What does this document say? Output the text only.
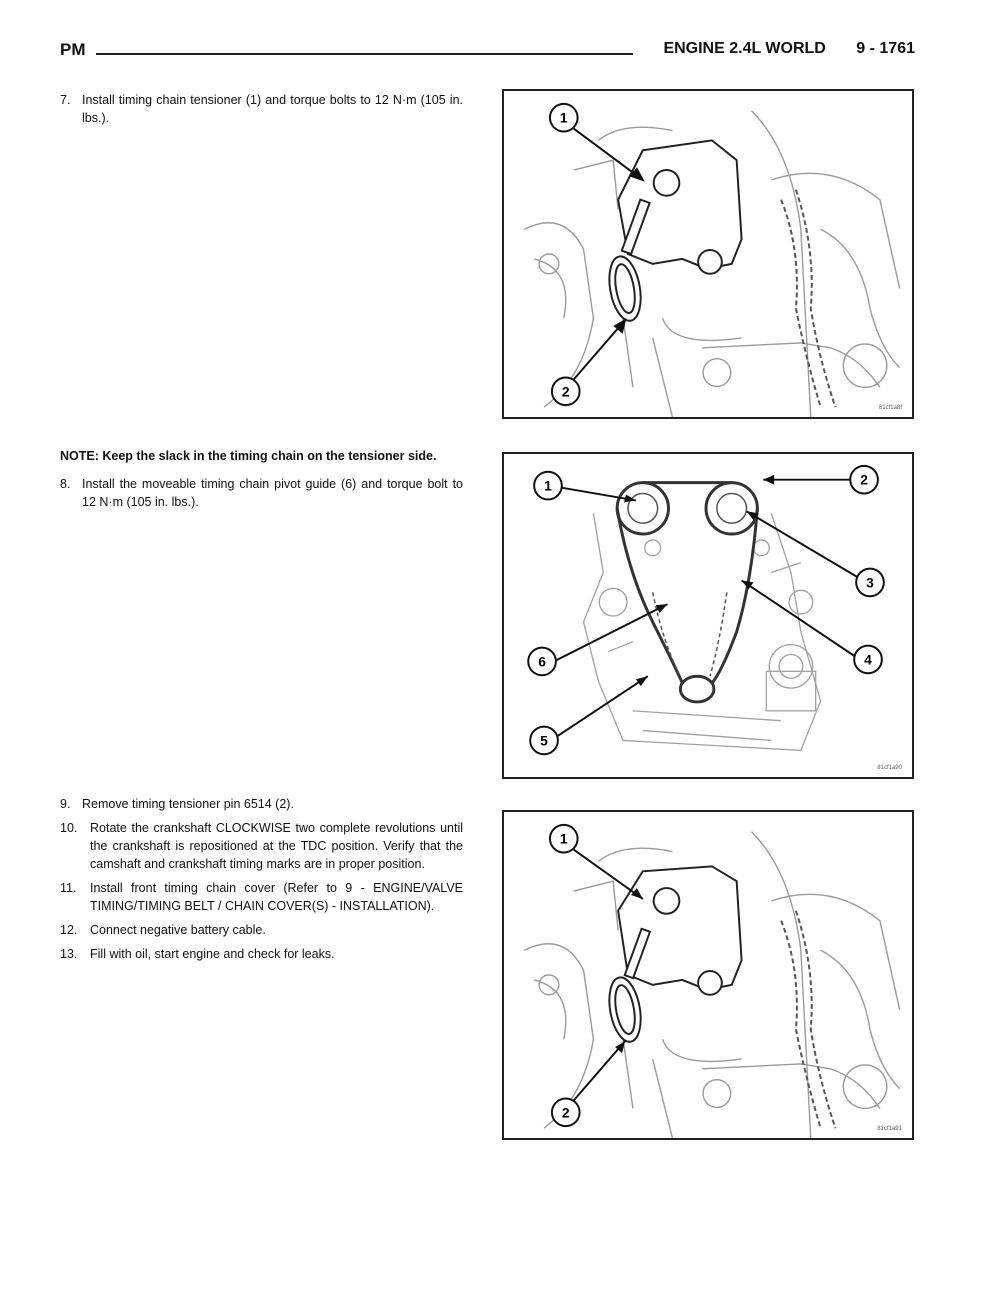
PM	ENGINE 2.4L WORLD 9 - 1761
7. Install timing chain tensioner (1) and torque bolts to 12 N·m (105 in. lbs.).
NOTE: Keep the slack in the timing chain on the tensioner side.
8. Install the moveable timing chain pivot guide (6) and torque bolt to 12 N·m (105 in. lbs.).
9. Remove timing tensioner pin 6514 (2).
10. Rotate the crankshaft CLOCKWISE two complete revolutions until the crankshaft is repositioned at the TDC position. Verify that the camshaft and crankshaft timing marks are in proper position.
11. Install front timing chain cover (Refer to 9 - ENGINE/VALVE TIMING/TIMING BELT / CHAIN COVER(S) - INSTALLATION).
12. Connect negative battery cable.
13. Fill with oil, start engine and check for leaks.
1
2
81cf1a8f
1	2
3
4
5
6
81cf1a90
1
2
81cf1a91
